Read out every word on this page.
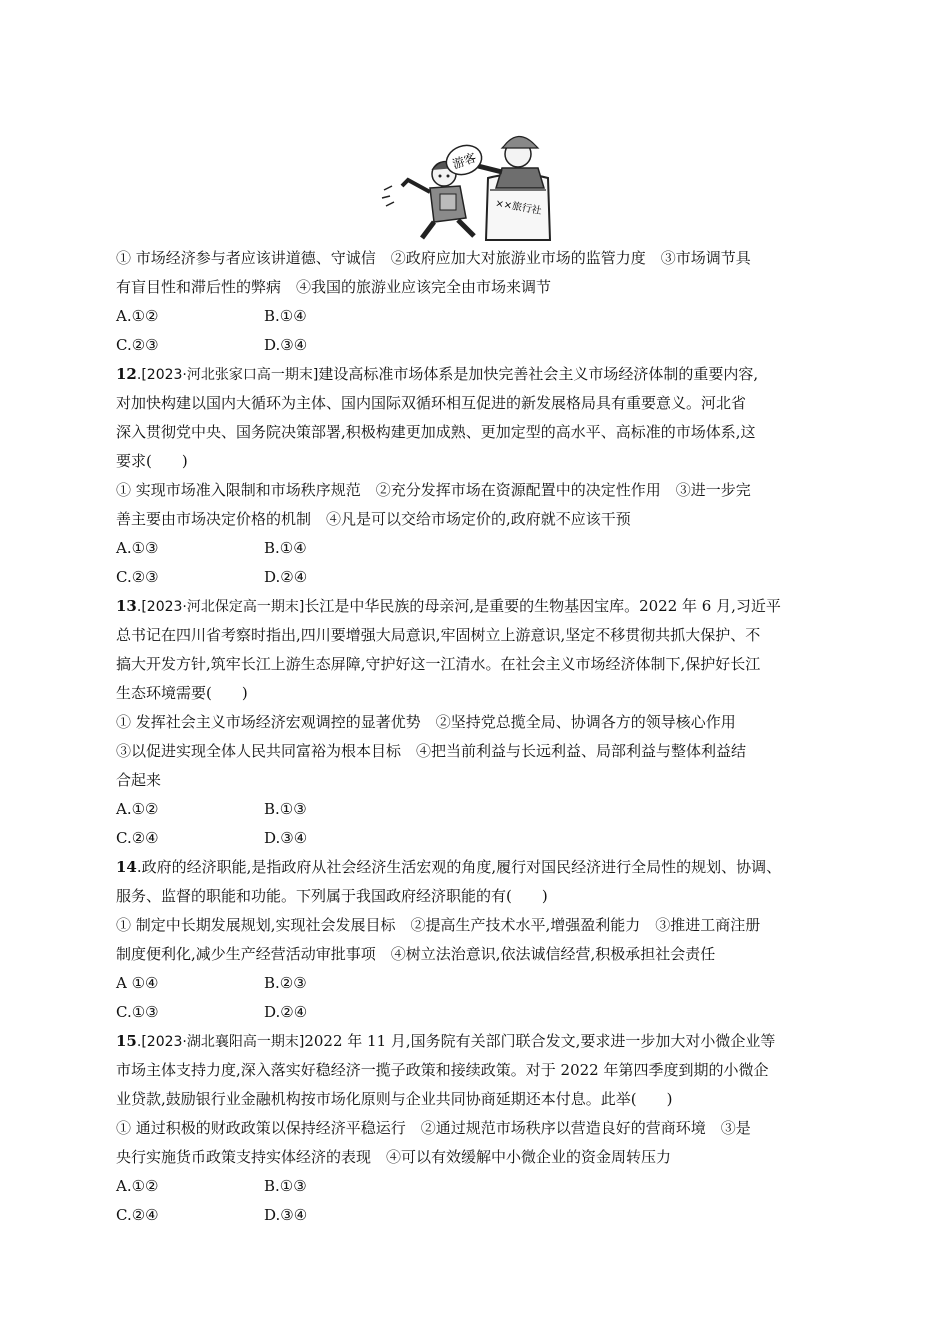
××旅行社
游客
① 市场经济参与者应该讲道德、守诚信　②政府应加大对旅游业市场的监管力度　③市场调节具
有盲目性和滞后性的弊病　④我国的旅游业应该完全由市场来调节
A.①②	B.①④
C.②③	D.③④
12.[2023·河北张家口高一期末]建设高标准市场体系是加快完善社会主义市场经济体制的重要内容,
对加快构建以国内大循环为主体、国内国际双循环相互促进的新发展格局具有重要意义。河北省
深入贯彻党中央、国务院决策部署,积极构建更加成熟、更加定型的高水平、高标准的市场体系,这
要求(　　)
① 实现市场准入限制和市场秩序规范　②充分发挥市场在资源配置中的决定性作用　③进一步完
善主要由市场决定价格的机制　④凡是可以交给市场定价的,政府就不应该干预
A.①③	B.①④
C.②③	D.②④
13.[2023·河北保定高一期末]长江是中华民族的母亲河,是重要的生物基因宝库。2022 年 6 月,习近平
总书记在四川省考察时指出,四川要增强大局意识,牢固树立上游意识,坚定不移贯彻共抓大保护、不
搞大开发方针,筑牢长江上游生态屏障,守护好这一江清水。在社会主义市场经济体制下,保护好长江
生态环境需要(　　)
① 发挥社会主义市场经济宏观调控的显著优势　②坚持党总揽全局、协调各方的领导核心作用
③以促进实现全体人民共同富裕为根本目标　④把当前利益与长远利益、局部利益与整体利益结
合起来
A.①②	B.①③
C.②④	D.③④
14.政府的经济职能,是指政府从社会经济生活宏观的角度,履行对国民经济进行全局性的规划、协调、
服务、监督的职能和功能。下列属于我国政府经济职能的有(　　)
① 制定中长期发展规划,实现社会发展目标　②提高生产技术水平,增强盈利能力　③推进工商注册
制度便利化,减少生产经营活动审批事项　④树立法治意识,依法诚信经营,积极承担社会责任
A ①④	B.②③
C.①③	D.②④
15.[2023·湖北襄阳高一期末]2022 年 11 月,国务院有关部门联合发文,要求进一步加大对小微企业等
市场主体支持力度,深入落实好稳经济一揽子政策和接续政策。对于 2022 年第四季度到期的小微企
业贷款,鼓励银行业金融机构按市场化原则与企业共同协商延期还本付息。此举(　　)
① 通过积极的财政政策以保持经济平稳运行　②通过规范市场秩序以营造良好的营商环境　③是
央行实施货币政策支持实体经济的表现　④可以有效缓解中小微企业的资金周转压力
A.①②	B.①③
C.②④	D.③④
